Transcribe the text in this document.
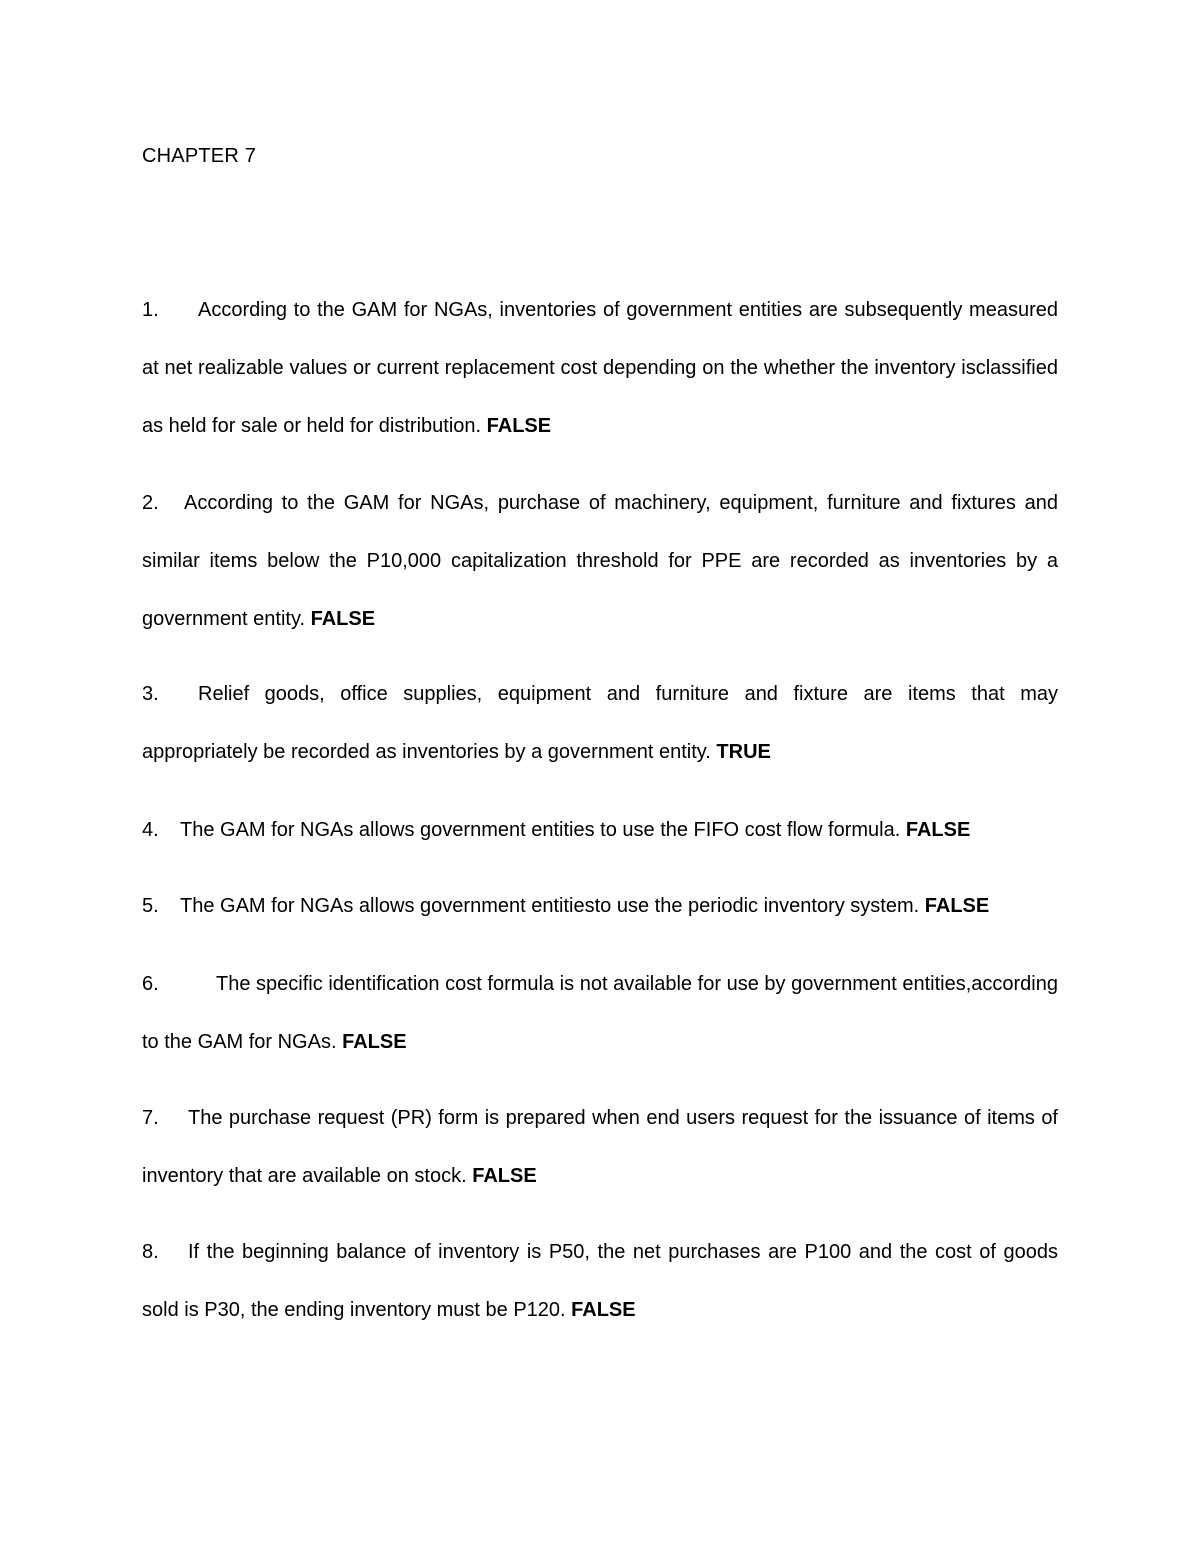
CHAPTER 7

1. According to the GAM for NGAs, inventories of government entities are subsequently measured at net realizable values or current replacement cost depending on the whether the inventory isclassified as held for sale or held for distribution. FALSE

2. According to the GAM for NGAs, purchase of machinery, equipment, furniture and fixtures and similar items below the P10,000 capitalization threshold for PPE are recorded as inventories by a government entity. FALSE

3. Relief goods, office supplies, equipment and furniture and fixture are items that may appropriately be recorded as inventories by a government entity. TRUE

4. The GAM for NGAs allows government entities to use the FIFO cost flow formula. FALSE

5. The GAM for NGAs allows government entitiesto use the periodic inventory system. FALSE

6.	The specific identification cost formula is not available for use by government entities,according to the GAM for NGAs. FALSE

7. The purchase request (PR) form is prepared when end users request for the issuance of items of inventory that are available on stock. FALSE

8. If the beginning balance of inventory is P50, the net purchases are P100 and the cost of goods sold is P30, the ending inventory must be P120. FALSE
